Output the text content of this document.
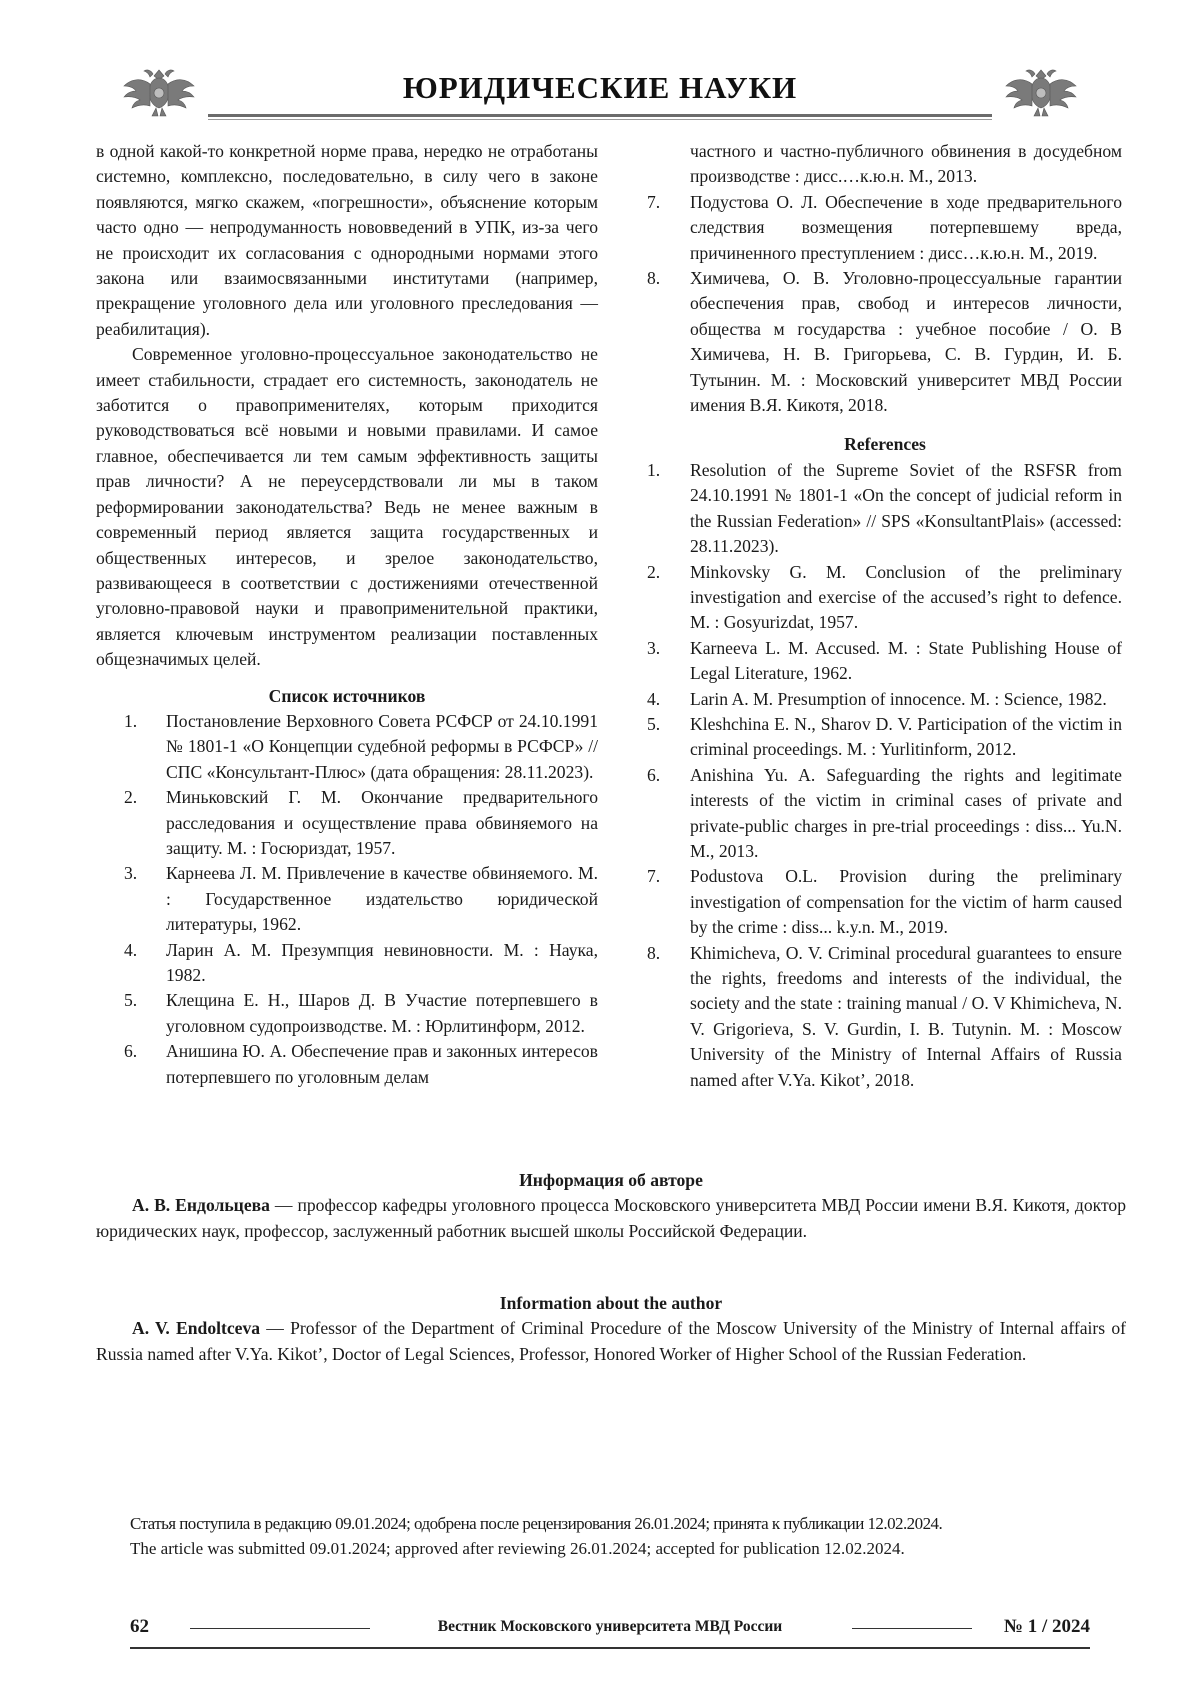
ЮРИДИЧЕСКИЕ НАУКИ

в одной какой-то конкретной норме права, нередко не отработаны системно, комплексно, последовательно, в силу чего в законе появляются, мягко скажем, «погрешности», объяснение которым часто одно — непродуманность нововведений в УПК, из-за чего не происходит их согласования с однородными нормами этого закона или взаимосвязанными институтами (например, прекращение уголовного дела или уголовного преследования — реабилитация).

Современное уголовно-процессуальное законодательство не имеет стабильности, страдает его системность, законодатель не заботится о правоприменителях, которым приходится руководствоваться всё новыми и новыми правилами. И самое главное, обеспечивается ли тем самым эффективность защиты прав личности? А не переусердствовали ли мы в таком реформировании законодательства? Ведь не менее важным в современный период является защита государственных и общественных интересов, и зрелое законодательство, развивающееся в соответствии с достижениями отечественной уголовно-правовой науки и правоприменительной практики, является ключевым инструментом реализации поставленных общезначимых целей.

Список источников
1. Постановление Верховного Совета РСФСР от 24.10.1991 № 1801-1 «О Концепции судебной реформы в РСФСР» // СПС «Консультант-Плюс» (дата обращения: 28.11.2023).
2. Миньковский Г. М. Окончание предварительного расследования и осуществление права обвиняемого на защиту. М. : Госюриздат, 1957.
3. Карнеева Л. М. Привлечение в качестве обвиняемого. М. : Государственное издательство юридической литературы, 1962.
4. Ларин А. М. Презумпция невиновности. М. : Наука, 1982.
5. Клещина Е. Н., Шаров Д. В Участие потерпевшего в уголовном судопроизводстве. М. : Юрлитинформ, 2012.
6. Анишина Ю. А. Обеспечение прав и законных интересов потерпевшего по уголовным делам

частного и частно-публичного обвинения в досудебном производстве : дисс.…к.ю.н. М., 2013.

7. Подустова О. Л. Обеспечение в ходе предварительного следствия возмещения потерпевшему вреда, причиненного преступлением : дисс…к.ю.н. М., 2019.
8. Химичева, О. В. Уголовно-процессуальные гарантии обеспечения прав, свобод и интересов личности, общества м государства : учебное пособие / О. В Химичева, Н. В. Григорьева, С. В. Гурдин, И. Б. Тутынин. М. : Московский университет МВД России имения В.Я. Кикотя, 2018.
References
1. Resolution of the Supreme Soviet of the RSFSR from 24.10.1991 № 1801-1 «On the concept of judicial reform in the Russian Federation» // SPS «KonsultantPlais» (accessed: 28.11.2023).
2. Minkovsky G. M. Conclusion of the preliminary investigation and exercise of the accused’s right to defence. M. : Gosyurizdat, 1957.
3. Karneeva L. M. Accused. M. : State Publishing House of Legal Literature, 1962.
4. Larin A. M. Presumption of innocence. M. : Science, 1982.
5. Kleshchina E. N., Sharov D. V. Participation of the victim in criminal proceedings. M. : Yurlitinform, 2012.
6. Anishina Yu. A. Safeguarding the rights and legitimate interests of the victim in criminal cases of private and private-public charges in pre-trial proceedings : diss... Yu.N. M., 2013.
7. Podustova O.L. Provision during the preliminary investigation of compensation for the victim of harm caused by the crime : diss... k.y.n. M., 2019.
8. Khimicheva, O. V. Criminal procedural guarantees to ensure the rights, freedoms and interests of the individual, the society and the state : training manual / O. V Khimicheva, N. V. Grigorieva, S. V. Gurdin, I. B. Tutynin. M. : Moscow University of the Ministry of Internal Affairs of Russia named after V.Ya. Kikot’, 2018.
Информация об авторе

А. В. Ендольцева — профессор кафедры уголовного процесса Московского университета МВД России имени В.Я. Кикотя, доктор юридических наук, профессор, заслуженный работник высшей школы Российской Федерации.

Information about the author

A. V. Endoltceva — Professor of the Department of Criminal Procedure of the Moscow University of the Ministry of Internal affairs of Russia named after V.Ya. Kikot’, Doctor of Legal Sciences, Professor, Honored Worker of Higher School of the Russian Federation.

Статья поступила в редакцию 09.01.2024; одобрена после рецензирования 26.01.2024; принята к публикации 12.02.2024.
The article was submitted 09.01.2024; approved after reviewing 26.01.2024; accepted for publication 12.02.2024.
62	Вестник Московского университета МВД России	№ 1 / 2024
